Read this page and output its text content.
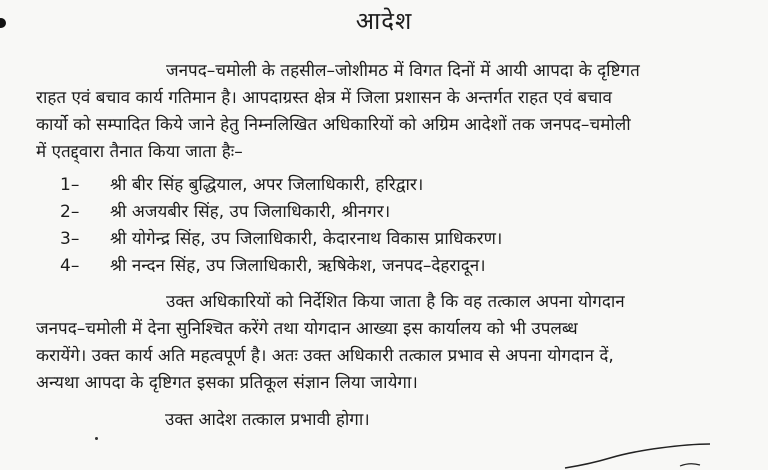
आदेश
जनपद–चमोली के तहसील–जोशीमठ में विगत दिनों में आयी आपदा के दृष्टिगत
राहत एवं बचाव कार्य गतिमान है। आपदाग्रस्त क्षेत्र में जिला प्रशासन के अन्तर्गत राहत एवं बचाव
कार्यो को सम्पादित किये जाने हेतु निम्नलिखित अधिकारियों को अग्रिम आदेशों तक जनपद–चमोली
में एतद्द्वारा तैनात किया जाता हैः–
1–	श्री बीर सिंह बुद्धियाल, अपर जिलाधिकारी, हरिद्वार।
2–	श्री अजयबीर सिंह, उप जिलाधिकारी, श्रीनगर।
3–	श्री योगेन्द्र सिंह, उप जिलाधिकारी, केदारनाथ विकास प्राधिकरण।
4–	श्री नन्दन सिंह, उप जिलाधिकारी, ऋषिकेश, जनपद–देहरादून।
उक्त अधिकारियों को निर्देशित किया जाता है कि वह तत्काल अपना योगदान
जनपद–चमोली में देना सुनिश्चित करेंगे तथा योगदान आख्या इस कार्यालय को भी उपलब्ध
करायेंगे। उक्त कार्य अति महत्वपूर्ण है। अतः उक्त अधिकारी तत्काल प्रभाव से अपना योगदान दें,
अन्यथा आपदा के दृष्टिगत इसका प्रतिकूल संज्ञान लिया जायेगा।
उक्त आदेश तत्काल प्रभावी होगा।
